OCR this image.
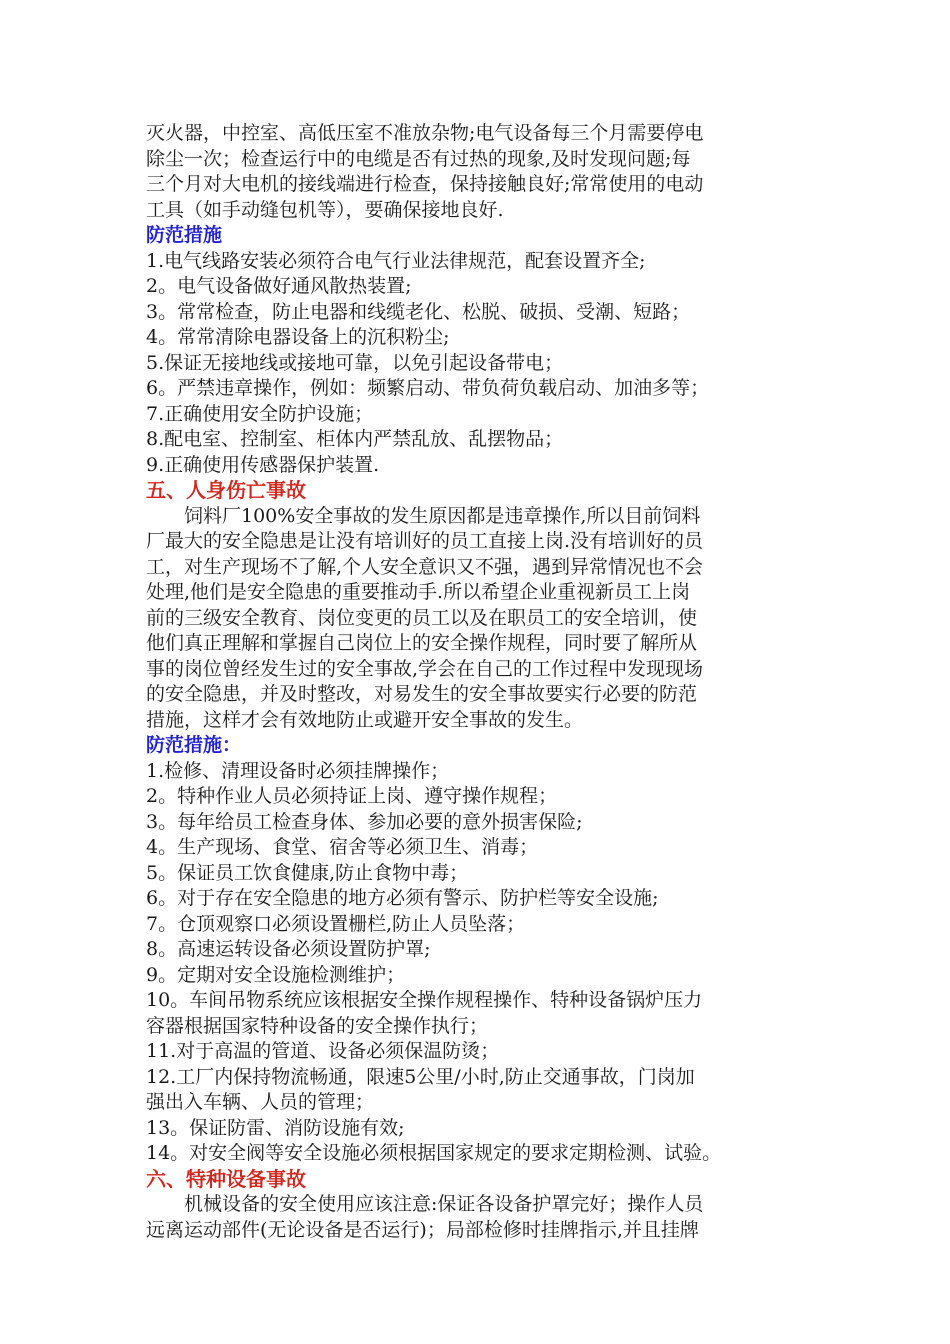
灭火器，中控室、高低压室不准放杂物;电气设备每三个月需要停电

除尘一次；检查运行中的电缆是否有过热的现象,及时发现问题;每

三个月对大电机的接线端进行检查，保持接触良好;常常使用的电动

工具（如手动缝包机等），要确保接地良好.

防范措施

1.电气线路安装必须符合电气行业法律规范，配套设置齐全;

2。电气设备做好通风散热装置;

3。常常检查，防止电器和线缆老化、松脱、破损、受潮、短路；

4。常常清除电器设备上的沉积粉尘;

5.保证无接地线或接地可靠，以免引起设备带电；

6。严禁违章操作，例如：频繁启动、带负荷负载启动、加油多等；

7.正确使用安全防护设施；

8.配电室、控制室、柜体内严禁乱放、乱摆物品；

9.正确使用传感器保护装置.

五、人身伤亡事故

饲料厂100%安全事故的发生原因都是违章操作,所以目前饲料

厂最大的安全隐患是让没有培训好的员工直接上岗.没有培训好的员

工，对生产现场不了解,个人安全意识又不强，遇到异常情况也不会

处理,他们是安全隐患的重要推动手.所以希望企业重视新员工上岗

前的三级安全教育、岗位变更的员工以及在职员工的安全培训，使

他们真正理解和掌握自己岗位上的安全操作规程，同时要了解所从

事的岗位曾经发生过的安全事故,学会在自己的工作过程中发现现场

的安全隐患，并及时整改，对易发生的安全事故要实行必要的防范

措施，这样才会有效地防止或避开安全事故的发生。

防范措施：

1.检修、清理设备时必须挂牌操作；

2。特种作业人员必须持证上岗、遵守操作规程；

3。每年给员工检查身体、参加必要的意外损害保险;

4。生产现场、食堂、宿舍等必须卫生、消毒；

5。保证员工饮食健康,防止食物中毒；

6。对于存在安全隐患的地方必须有警示、防护栏等安全设施;

7。仓顶观察口必须设置栅栏,防止人员坠落；

8。高速运转设备必须设置防护罩;

9。定期对安全设施检测维护；

10。车间吊物系统应该根据安全操作规程操作、特种设备锅炉压力

容器根据国家特种设备的安全操作执行；

11.对于高温的管道、设备必须保温防烫；

12.工厂内保持物流畅通，限速5公里/小时,防止交通事故，门岗加

强出入车辆、人员的管理；

13。保证防雷、消防设施有效;

14。对安全阀等安全设施必须根据国家规定的要求定期检测、试验。

六、特种设备事故

机械设备的安全使用应该注意:保证各设备护罩完好；操作人员

远离运动部件(无论设备是否运行)；局部检修时挂牌指示,并且挂牌
